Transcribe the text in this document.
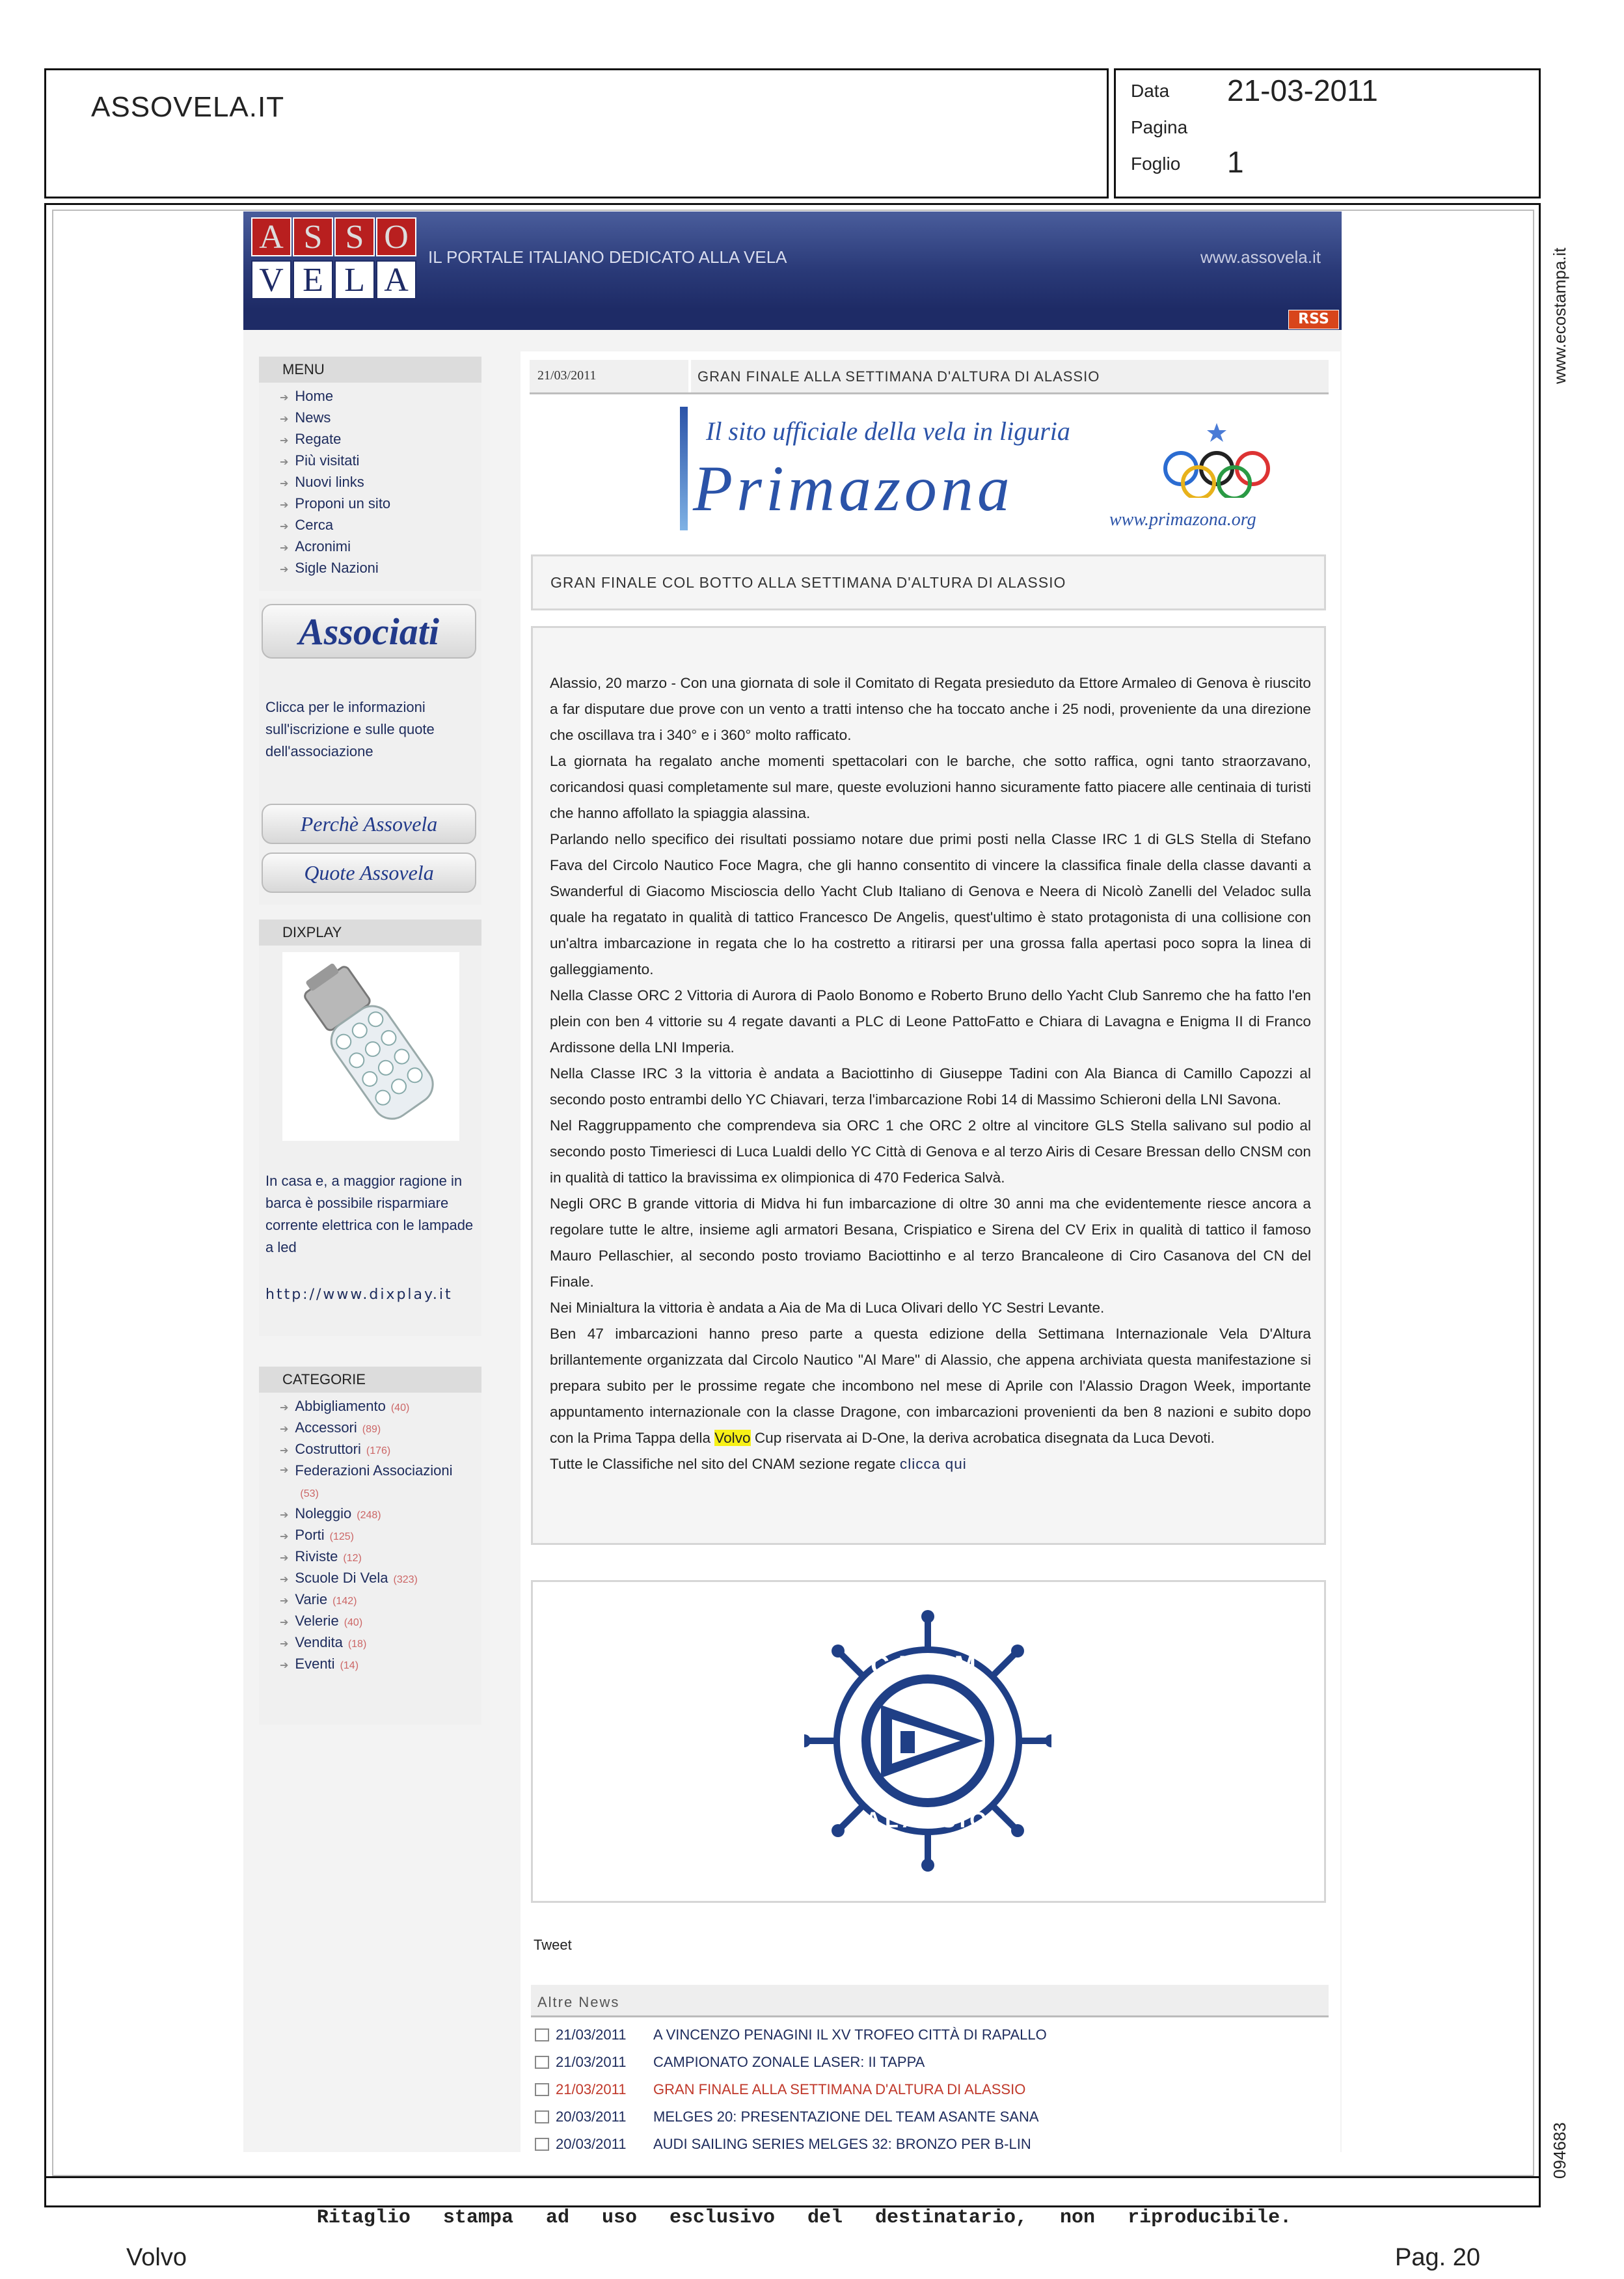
ASSOVELA.IT
Data 21-03-2011
Pagina
Foglio 1
www.ecostampa.it
094683
A S S O
V E L A
IL PORTALE ITALIANO DEDICATO ALLA VELA	www.assovela.it
RSS
MENU
➔ Home
➔ News
➔ Regate
➔ Più visitati
➔ Nuovi links
➔ Proponi un sito
➔ Cerca
➔ Acronimi
➔ Sigle Nazioni
Associati
Clicca per le informazioni sull'iscrizione e sulle quote dell'associazione
Perchè Assovela
Quote Assovela
DIXPLAY
In casa e, a maggior ragione in barca è possibile risparmiare corrente elettrica con le lampade a led
http://www.dixplay.it
CATEGORIE
➔ Abbigliamento (40)
➔ Accessori (89)
➔ Costruttori (176)
➔ Federazioni Associazioni
(53)
➔ Noleggio (248)
➔ Porti (125)
➔ Riviste (12)
➔ Scuole Di Vela (323)
➔ Varie (142)
➔ Velerie (40)
➔ Vendita (18)
➔ Eventi (14)
21/03/2011	GRAN FINALE ALLA SETTIMANA D'ALTURA DI ALASSIO
Il sito ufficiale della vela in liguria
Primazona	www.primazona.org
GRAN FINALE COL BOTTO ALLA SETTIMANA D'ALTURA DI ALASSIO

Alassio, 20 marzo - Con una giornata di sole il Comitato di Regata presieduto da Ettore Armaleo di Genova è riuscito a far disputare due prove con un vento a tratti intenso che ha toccato anche i 25 nodi, proveniente da una direzione che oscillava tra i 340° e i 360° molto rafficato.

La giornata ha regalato anche momenti spettacolari con le barche, che sotto raffica, ogni tanto straorzavano, coricandosi quasi completamente sul mare, queste evoluzioni hanno sicuramente fatto piacere alle centinaia di turisti che hanno affollato la spiaggia alassina.

Parlando nello specifico dei risultati possiamo notare due primi posti nella Classe IRC 1 di GLS Stella di Stefano Fava del Circolo Nautico Foce Magra, che gli hanno consentito di vincere la classifica finale della classe davanti a Swanderful di Giacomo Miscioscia dello Yacht Club Italiano di Genova e Neera di Nicolò Zanelli del Veladoc sulla quale ha regatato in qualità di tattico Francesco De Angelis, quest'ultimo è stato protagonista di una collisione con un'altra imbarcazione in regata che lo ha costretto a ritirarsi per una grossa falla apertasi poco sopra la linea di galleggiamento.

Nella Classe ORC 2 Vittoria di Aurora di Paolo Bonomo e Roberto Bruno dello Yacht Club Sanremo che ha fatto l'en plein con ben 4 vittorie su 4 regate davanti a PLC di Leone PattoFatto e Chiara di Lavagna e Enigma II di Franco Ardissone della LNI Imperia.

Nella Classe IRC 3 la vittoria è andata a Baciottinho di Giuseppe Tadini con Ala Bianca di Camillo Capozzi al secondo posto entrambi dello YC Chiavari, terza l'imbarcazione Robi 14 di Massimo Schieroni della LNI Savona.

Nel Raggruppamento che comprendeva sia ORC 1 che ORC 2 oltre al vincitore GLS Stella salivano sul podio al secondo posto Timeriesci di Luca Lualdi dello YC Città di Genova e al terzo Airis di Cesare Bressan dello CNSM con in qualità di tattico la bravissima ex olimpionica di 470 Federica Salvà.

Negli ORC B grande vittoria di Midva hi fun imbarcazione di oltre 30 anni ma che evidentemente riesce ancora a regolare tutte le altre, insieme agli armatori Besana, Crispiatico e Sirena del CV Erix in qualità di tattico il famoso Mauro Pellaschier, al secondo posto troviamo Baciottinho e al terzo Brancaleone di Ciro Casanova del CN del Finale.

Nei Minialtura la vittoria è andata a Aia de Ma di Luca Olivari dello YC Sestri Levante.

Ben 47 imbarcazioni hanno preso parte a questa edizione della Settimana Internazionale Vela D'Altura brillantemente organizzata dal Circolo Nautico "Al Mare" di Alassio, che appena archiviata questa manifestazione si prepara subito per le prossime regate che incombono nel mese di Aprile con l'Alassio Dragon Week, importante appuntamento internazionale con la classe Dragone, con imbarcazioni provenienti da ben 8 nazioni e subito dopo con la Prima Tappa della Volvo Cup riservata ai D-One, la deriva acrobatica disegnata da Luca Devoti.

Tutte le Classifiche nel sito del CNAM sezione regate clicca qui

CNAM
ALASSIO
Tweet
Altre News
21/03/2011	A VINCENZO PENAGINI IL XV TROFEO CITTÀ DI RAPALLO
21/03/2011	CAMPIONATO ZONALE LASER: II TAPPA
21/03/2011	GRAN FINALE ALLA SETTIMANA D'ALTURA DI ALASSIO
20/03/2011	MELGES 20: PRESENTAZIONE DEL TEAM ASANTE SANA
20/03/2011	AUDI SAILING SERIES MELGES 32: BRONZO PER B-LIN

Ritaglio stampa ad uso esclusivo del destinatario, non riproducibile.

Volvo	Pag. 20
